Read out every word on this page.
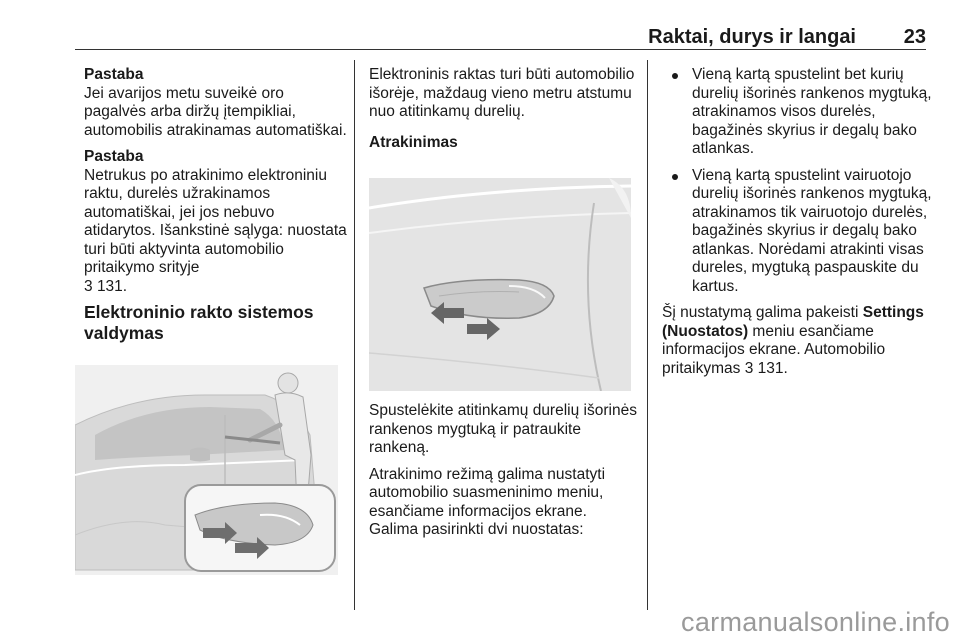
Raktai, durys ir langai 23

Pastaba

Jei avarijos metu suveikė oro pagalvės arba diržų įtempikliai, automobilis atrakinamas automatiškai.

Pastaba

Netrukus po atrakinimo elektroniniu raktu, durelės užrakinamos automatiškai, jei jos nebuvo atidarytos. Išankstinė sąlyga: nuostata turi būti aktyvinta automobilio pritaikymo srityje
3 131.

Elektroninio rakto sistemos valdymas

Elektroninis raktas turi būti automobilio išorėje, maždaug vieno metru atstumu nuo atitinkamų durelių.

Atrakinimas

Spustelėkite atitinkamų durelių išorinės rankenos mygtuką ir patraukite rankeną.

Atrakinimo režimą galima nustatyti automobilio suasmeninimo meniu, esančiame informacijos ekrane. Galima pasirinkti dvi nuostatas:

Vieną kartą spustelint bet kurių durelių išorinės rankenos mygtuką, atrakinamos visos durelės, bagažinės skyrius ir degalų bako atlankas.
Vieną kartą spustelint vairuotojo durelių išorinės rankenos mygtuką, atrakinamos tik vairuotojo durelės, bagažinės skyrius ir degalų bako atlankas. Norėdami atrakinti visas dureles, mygtuką paspauskite du kartus.

Šį nustatymą galima pakeisti Settings (Nuostatos) meniu esančiame informacijos ekrane. Automobilio pritaikymas 3 131.

carmanualsonline.info
